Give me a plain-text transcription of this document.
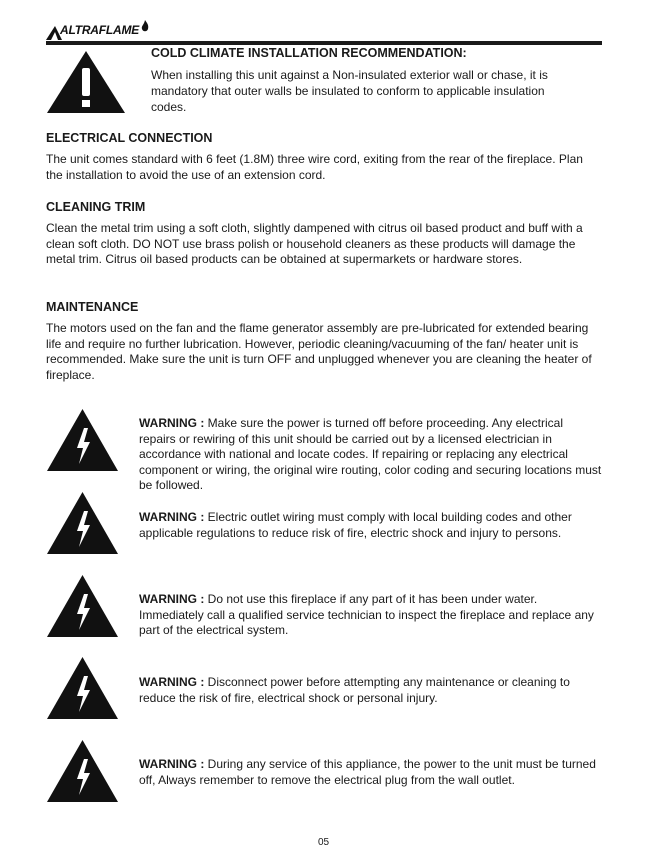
ALTRAFLAME
COLD CLIMATE INSTALLATION RECOMMENDATION:
When installing this unit against a Non-insulated exterior wall or chase, it is mandatory that outer walls be insulated to conform to applicable insulation codes.
ELECTRICAL CONNECTION
The unit comes standard with 6 feet (1.8M) three wire cord, exiting from the rear of the fireplace. Plan the installation to avoid the use of an extension cord.
CLEANING TRIM
Clean the metal trim using a soft cloth, slightly dampened with citrus oil based product and buff with a clean soft cloth. DO NOT use brass polish or household cleaners as these products will damage the metal trim. Citrus oil based products can be obtained at supermarkets or hardware stores.
MAINTENANCE
The motors used on the fan and the flame generator assembly are pre-lubricated for extended bearing life and require no further lubrication. However, periodic cleaning/vacuuming of the fan/ heater unit is recommended. Make sure the unit is turn OFF and unplugged whenever you are cleaning the heater of fireplace.
WARNING : Make sure the power is turned off before proceeding. Any electrical repairs or rewiring of this unit should be carried out by a licensed electrician in accordance with national and locate codes. If repairing or replacing any electrical component or wiring, the original wire routing, color coding and securing locations must be followed.
WARNING : Electric outlet wiring must comply with local building codes and other applicable regulations to reduce risk of fire, electric shock and injury to persons.
WARNING : Do not use this fireplace if any part of it has been under water. Immediately call a qualified service technician to inspect the fireplace and replace any part of the electrical system.
WARNING : Disconnect power before attempting any maintenance or cleaning to reduce the risk of fire, electrical shock or personal injury.
WARNING : During any service of this appliance, the power to the unit must be turned off, Always remember to remove the electrical plug from the wall outlet.
05
